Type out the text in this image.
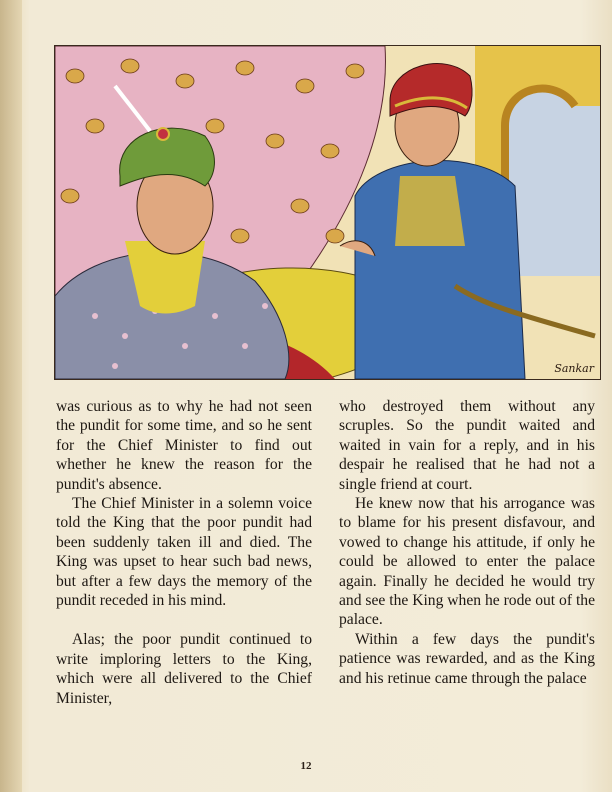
Sankar

was curious as to why he had not seen the pundit for some time, and so he sent for the Chief Minister to find out whether he knew the reason for the pundit's absence.

The Chief Minister in a solemn voice told the King that the poor pundit had been suddenly taken ill and died. The King was upset to hear such bad news, but after a few days the memory of the pundit receded in his mind.

Alas; the poor pundit continued to write imploring letters to the King, which were all delivered to the Chief Minister,

who destroyed them without any scruples. So the pundit waited and waited in vain for a reply, and in his despair he realised that he had not a single friend at court.

He knew now that his arrogance was to blame for his present disfavour, and vowed to change his attitude, if only he could be allowed to enter the palace again. Finally he decided he would try and see the King when he rode out of the palace.

Within a few days the pundit's patience was rewarded, and as the King and his retinue came through the palace

12
